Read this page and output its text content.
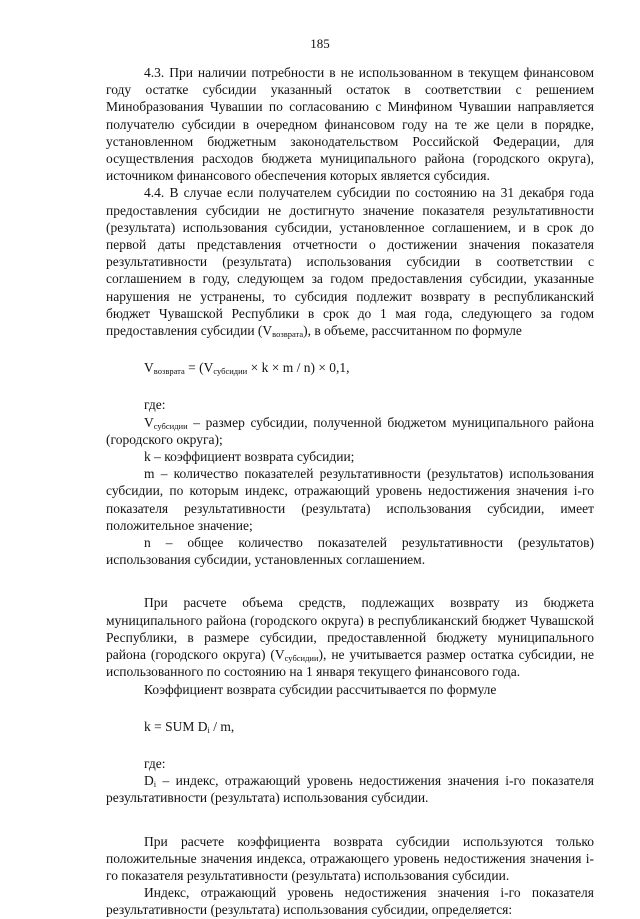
185

4.3. При наличии потребности в не использованном в текущем финансовом году остатке субсидии указанный остаток в соответствии с решением Минобразования Чувашии по согласованию с Минфином Чувашии направляется получателю субсидии в очередном финансовом году на те же цели в порядке, установленном бюджетным законодательством Российской Федерации, для осуществления расходов бюджета муниципального района (городского округа), источником финансового обеспечения которых является субсидия.

4.4. В случае если получателем субсидии по состоянию на 31 декабря года предоставления субсидии не достигнуто значение показателя результативности (результата) использования субсидии, установленное соглашением, и в срок до первой даты представления отчетности о достижении значения показателя результативности (результата) использования субсидии в соответствии с соглашением в году, следующем за годом предоставления субсидии, указанные нарушения не устранены, то субсидия подлежит возврату в республиканский бюджет Чувашской Республики в срок до 1 мая года, следующего за годом предоставления субсидии $(V_{возврата})$, в объеме, рассчитанном по формуле

$V_{возврата} = (V_{субсидии} \times k \times m / n) \times 0,1$,

где:

$V_{субсидии}$ – размер субсидии, полученной бюджетом муниципального района (городского округа);

k – коэффициент возврата субсидии;

m – количество показателей результативности (результатов) использования субсидии, по которым индекс, отражающий уровень недостижения значения i-го показателя результативности (результата) использования субсидии, имеет положительное значение;

n – общее количество показателей результативности (результатов) использования субсидии, установленных соглашением.

При расчете объема средств, подлежащих возврату из бюджета муниципального района (городского округа) в республиканский бюджет Чувашской Республики, в размере субсидии, предоставленной бюджету муниципального района (городского округа) $(V_{субсидии})$, не учитывается размер остатка субсидии, не использованного по состоянию на 1 января текущего финансового года.

Коэффициент возврата субсидии рассчитывается по формуле

k = SUM $D_i$ / m,

где:

$D_i$ – индекс, отражающий уровень недостижения значения i-го показателя результативности (результата) использования субсидии.

При расчете коэффициента возврата субсидии используются только положительные значения индекса, отражающего уровень недостижения значения i-го показателя результативности (результата) использования субсидии.

Индекс, отражающий уровень недостижения значения i-го показателя результативности (результата) использования субсидии, определяется:
